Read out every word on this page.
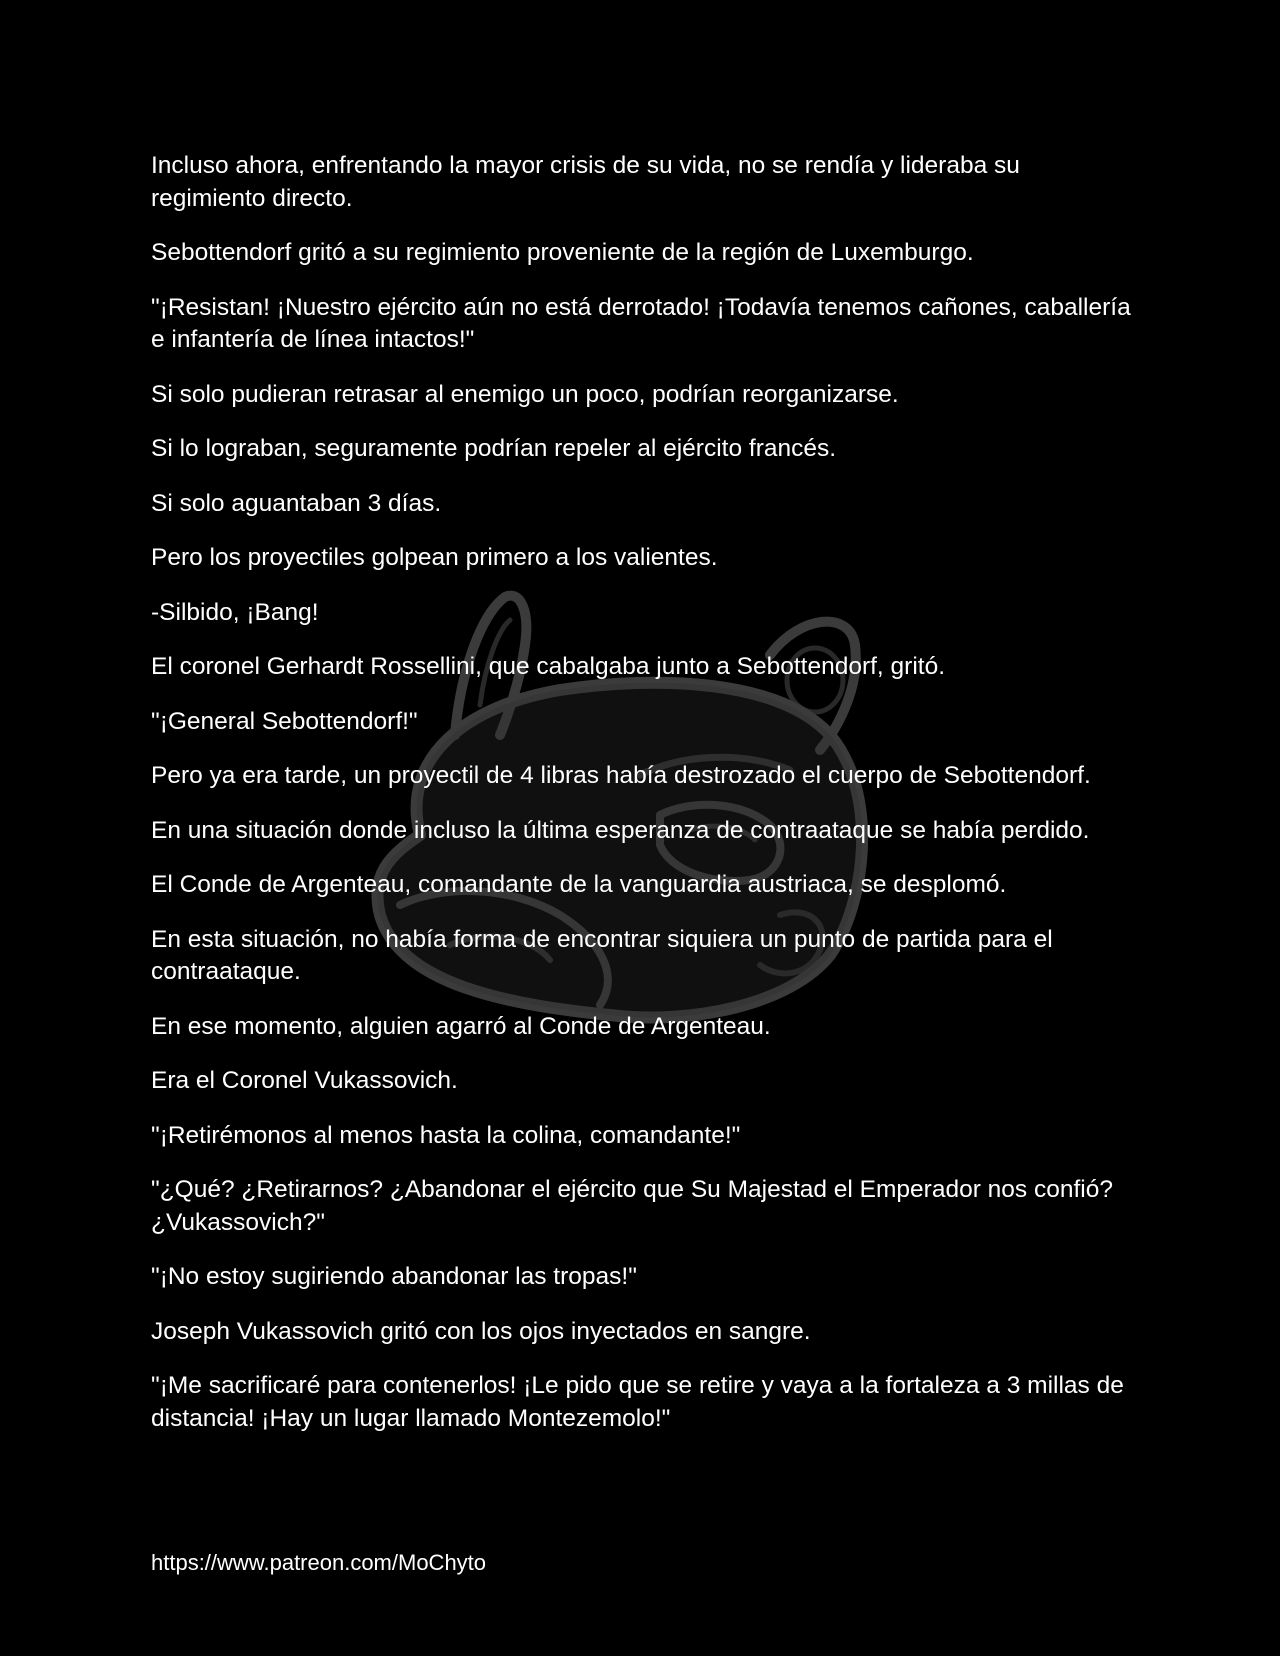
Incluso ahora, enfrentando la mayor crisis de su vida, no se rendía y lideraba su regimiento directo.

Sebottendorf gritó a su regimiento proveniente de la región de Luxemburgo.

"¡Resistan! ¡Nuestro ejército aún no está derrotado! ¡Todavía tenemos cañones, caballería e infantería de línea intactos!"

Si solo pudieran retrasar al enemigo un poco, podrían reorganizarse.

Si lo lograban, seguramente podrían repeler al ejército francés.

Si solo aguantaban 3 días.

Pero los proyectiles golpean primero a los valientes.

-Silbido, ¡Bang!

El coronel Gerhardt Rossellini, que cabalgaba junto a Sebottendorf, gritó.

"¡General Sebottendorf!"

Pero ya era tarde, un proyectil de 4 libras había destrozado el cuerpo de Sebottendorf.

En una situación donde incluso la última esperanza de contraataque se había perdido.

El Conde de Argenteau, comandante de la vanguardia austriaca, se desplomó.

En esta situación, no había forma de encontrar siquiera un punto de partida para el contraataque.

En ese momento, alguien agarró al Conde de Argenteau.

Era el Coronel Vukassovich.

"¡Retirémonos al menos hasta la colina, comandante!"

"¿Qué? ¿Retirarnos? ¿Abandonar el ejército que Su Majestad el Emperador nos confió? ¿Vukassovich?"

"¡No estoy sugiriendo abandonar las tropas!"

Joseph Vukassovich gritó con los ojos inyectados en sangre.

"¡Me sacrificaré para contenerlos! ¡Le pido que se retire y vaya a la fortaleza a 3 millas de distancia! ¡Hay un lugar llamado Montezemolo!"

https://www.patreon.com/MoChyto
